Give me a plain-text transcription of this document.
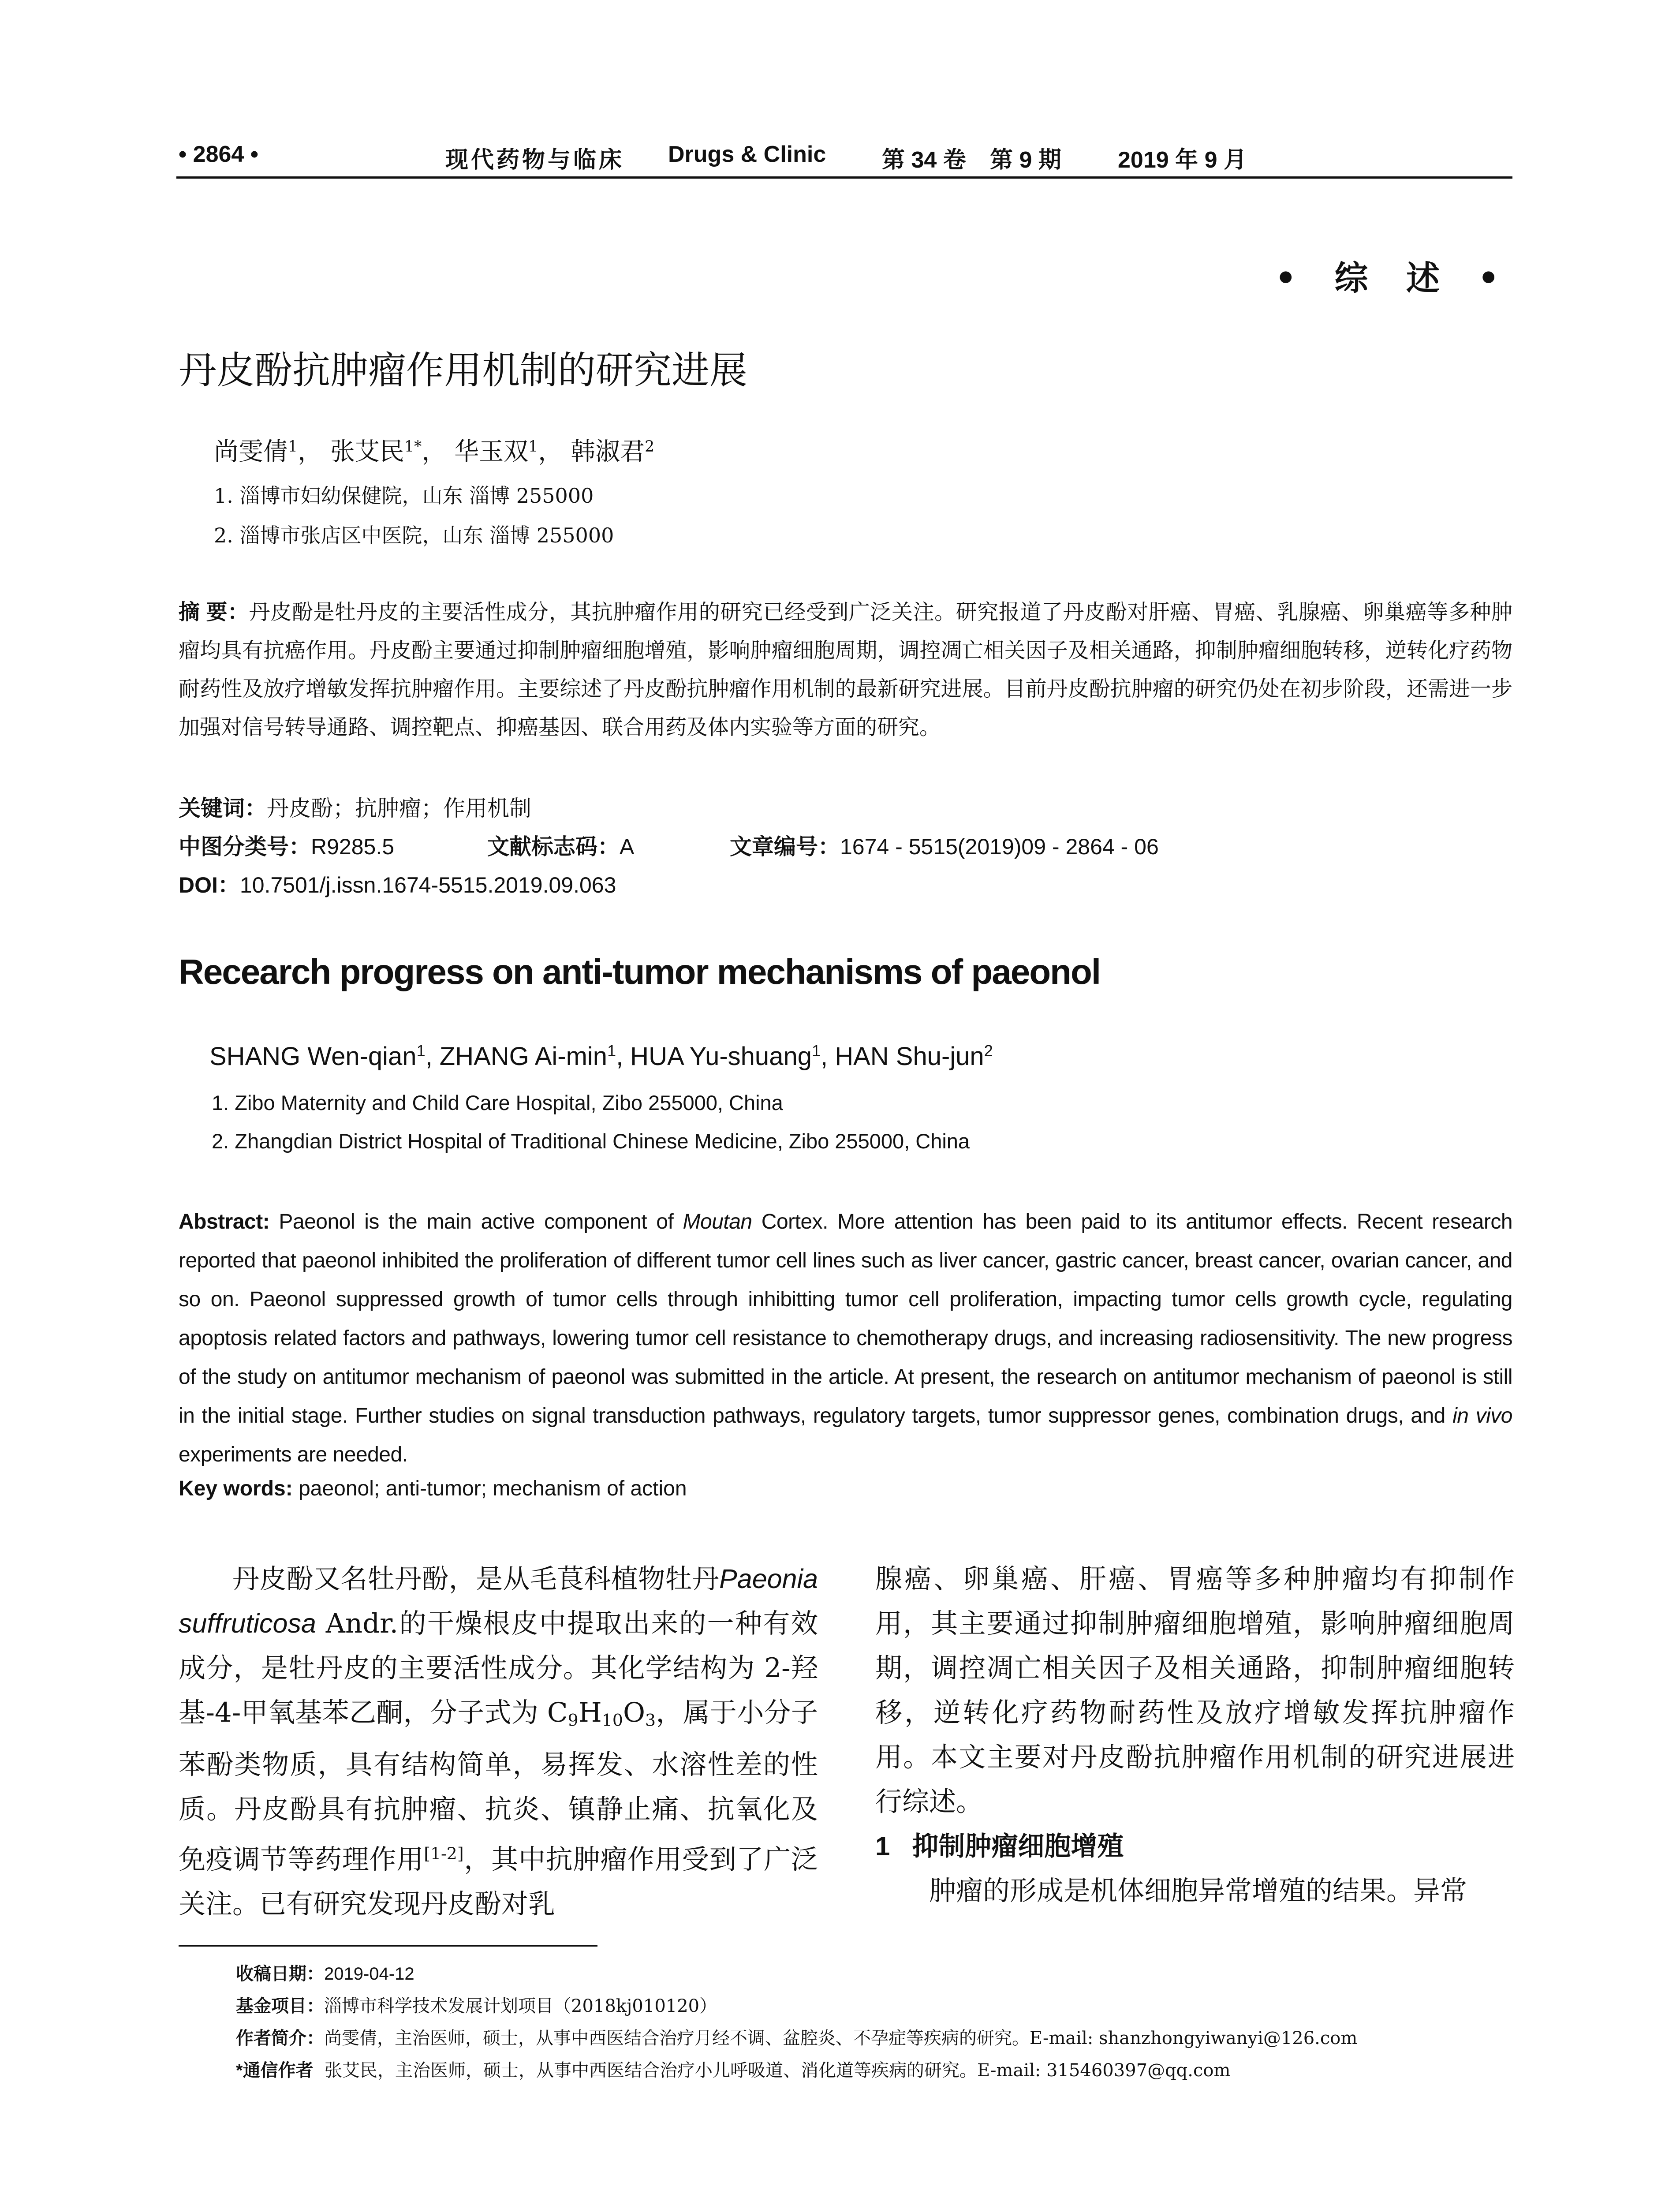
• 2864 •	现代药物与临床 Drugs & Clinic 第 34 卷 第 9 期 2019 年 9 月
• 综 述 •
丹皮酚抗肿瘤作用机制的研究进展
尚雯倩$^1$， 张艾民$^{1*}$， 华玉双$^1$， 韩淑君$^2$
1. 淄博市妇幼保健院，山东 淄博 255000
2. 淄博市张店区中医院，山东 淄博 255000
摘 要：丹皮酚是牡丹皮的主要活性成分，其抗肿瘤作用的研究已经受到广泛关注。研究报道了丹皮酚对肝癌、胃癌、乳腺癌、卵巢癌等多种肿瘤均具有抗癌作用。丹皮酚主要通过抑制肿瘤细胞增殖，影响肿瘤细胞周期，调控凋亡相关因子及相关通路，抑制肿瘤细胞转移，逆转化疗药物耐药性及放疗增敏发挥抗肿瘤作用。主要综述了丹皮酚抗肿瘤作用机制的最新研究进展。目前丹皮酚抗肿瘤的研究仍处在初步阶段，还需进一步加强对信号转导通路、调控靶点、抑癌基因、联合用药及体内实验等方面的研究。
关键词：丹皮酚；抗肿瘤；作用机制
中图分类号：R9285.5	文献标志码：A	文章编号：1674 - 5515(2019)09 - 2864 - 06
DOI：10.7501/j.issn.1674-5515.2019.09.063
Recearch progress on anti-tumor mechanisms of paeonol
SHANG Wen-qian$^1$, ZHANG $Ai-\min^1$, HUA Yu-shuang$^1$, HAN Shu-jun$^2$
1. Zibo Maternity and Child Care Hospital, Zibo 255000, China
2. Zhangdian District Hospital of Traditional Chinese Medicine, Zibo 255000, China
Abstract: Paeonol is the main active component of Moutan Cortex. More attention has been paid to its antitumor effects. Recent research reported that paeonol inhibited the proliferation of different tumor cell lines such as liver cancer, gastric cancer, breast cancer, ovarian cancer, and so on. Paeonol suppressed growth of tumor cells through inhibitting tumor cell proliferation, impacting tumor cells growth cycle, regulating apoptosis related factors and pathways, lowering tumor cell resistance to chemotherapy drugs, and increasing radiosensitivity. The new progress of the study on antitumor mechanism of paeonol was submitted in the article. At present, the research on antitumor mechanism of paeonol is still in the initial stage. Further studies on signal transduction pathways, regulatory targets, tumor suppressor genes, combination drugs, and in vivo experiments are needed.
Key words: paeonol; anti-tumor; mechanism of action

丹皮酚又名牡丹酚，是从毛茛科植物牡丹Paeonia suffruticosa Andr.的干燥根皮中提取出来的一种有效成分，是牡丹皮的主要活性成分。其化学结构为 2-羟基-4-甲氧基苯乙酮，分子式为 $C_9H_{10}O_3$，属于小分子苯酚类物质，具有结构简单，易挥发、水溶性差的性质。丹皮酚具有抗肿瘤、抗炎、镇静止痛、抗氧化及免疫调节等药理作用[1-2]，其中抗肿瘤作用受到了广泛关注。已有研究发现丹皮酚对乳

腺癌、卵巢癌、肝癌、胃癌等多种肿瘤均有抑制作用，其主要通过抑制肿瘤细胞增殖，影响肿瘤细胞周期，调控凋亡相关因子及相关通路，抑制肿瘤细胞转移，逆转化疗药物耐药性及放疗增敏发挥抗肿瘤作用。本文主要对丹皮酚抗肿瘤作用机制的研究进展进行综述。

1 抑制肿瘤细胞增殖

肿瘤的形成是机体细胞异常增殖的结果。异常

收稿日期：2019-04-12
基金项目：淄博市科学技术发展计划项目（2018kj010120）
作者简介：尚雯倩，主治医师，硕士，从事中西医结合治疗月经不调、盆腔炎、不孕症等疾病的研究。E-mail: shanzhongyiwanyi@126.com
*通信作者 张艾民，主治医师，硕士，从事中西医结合治疗小儿呼吸道、消化道等疾病的研究。E-mail: 315460397@qq.com
